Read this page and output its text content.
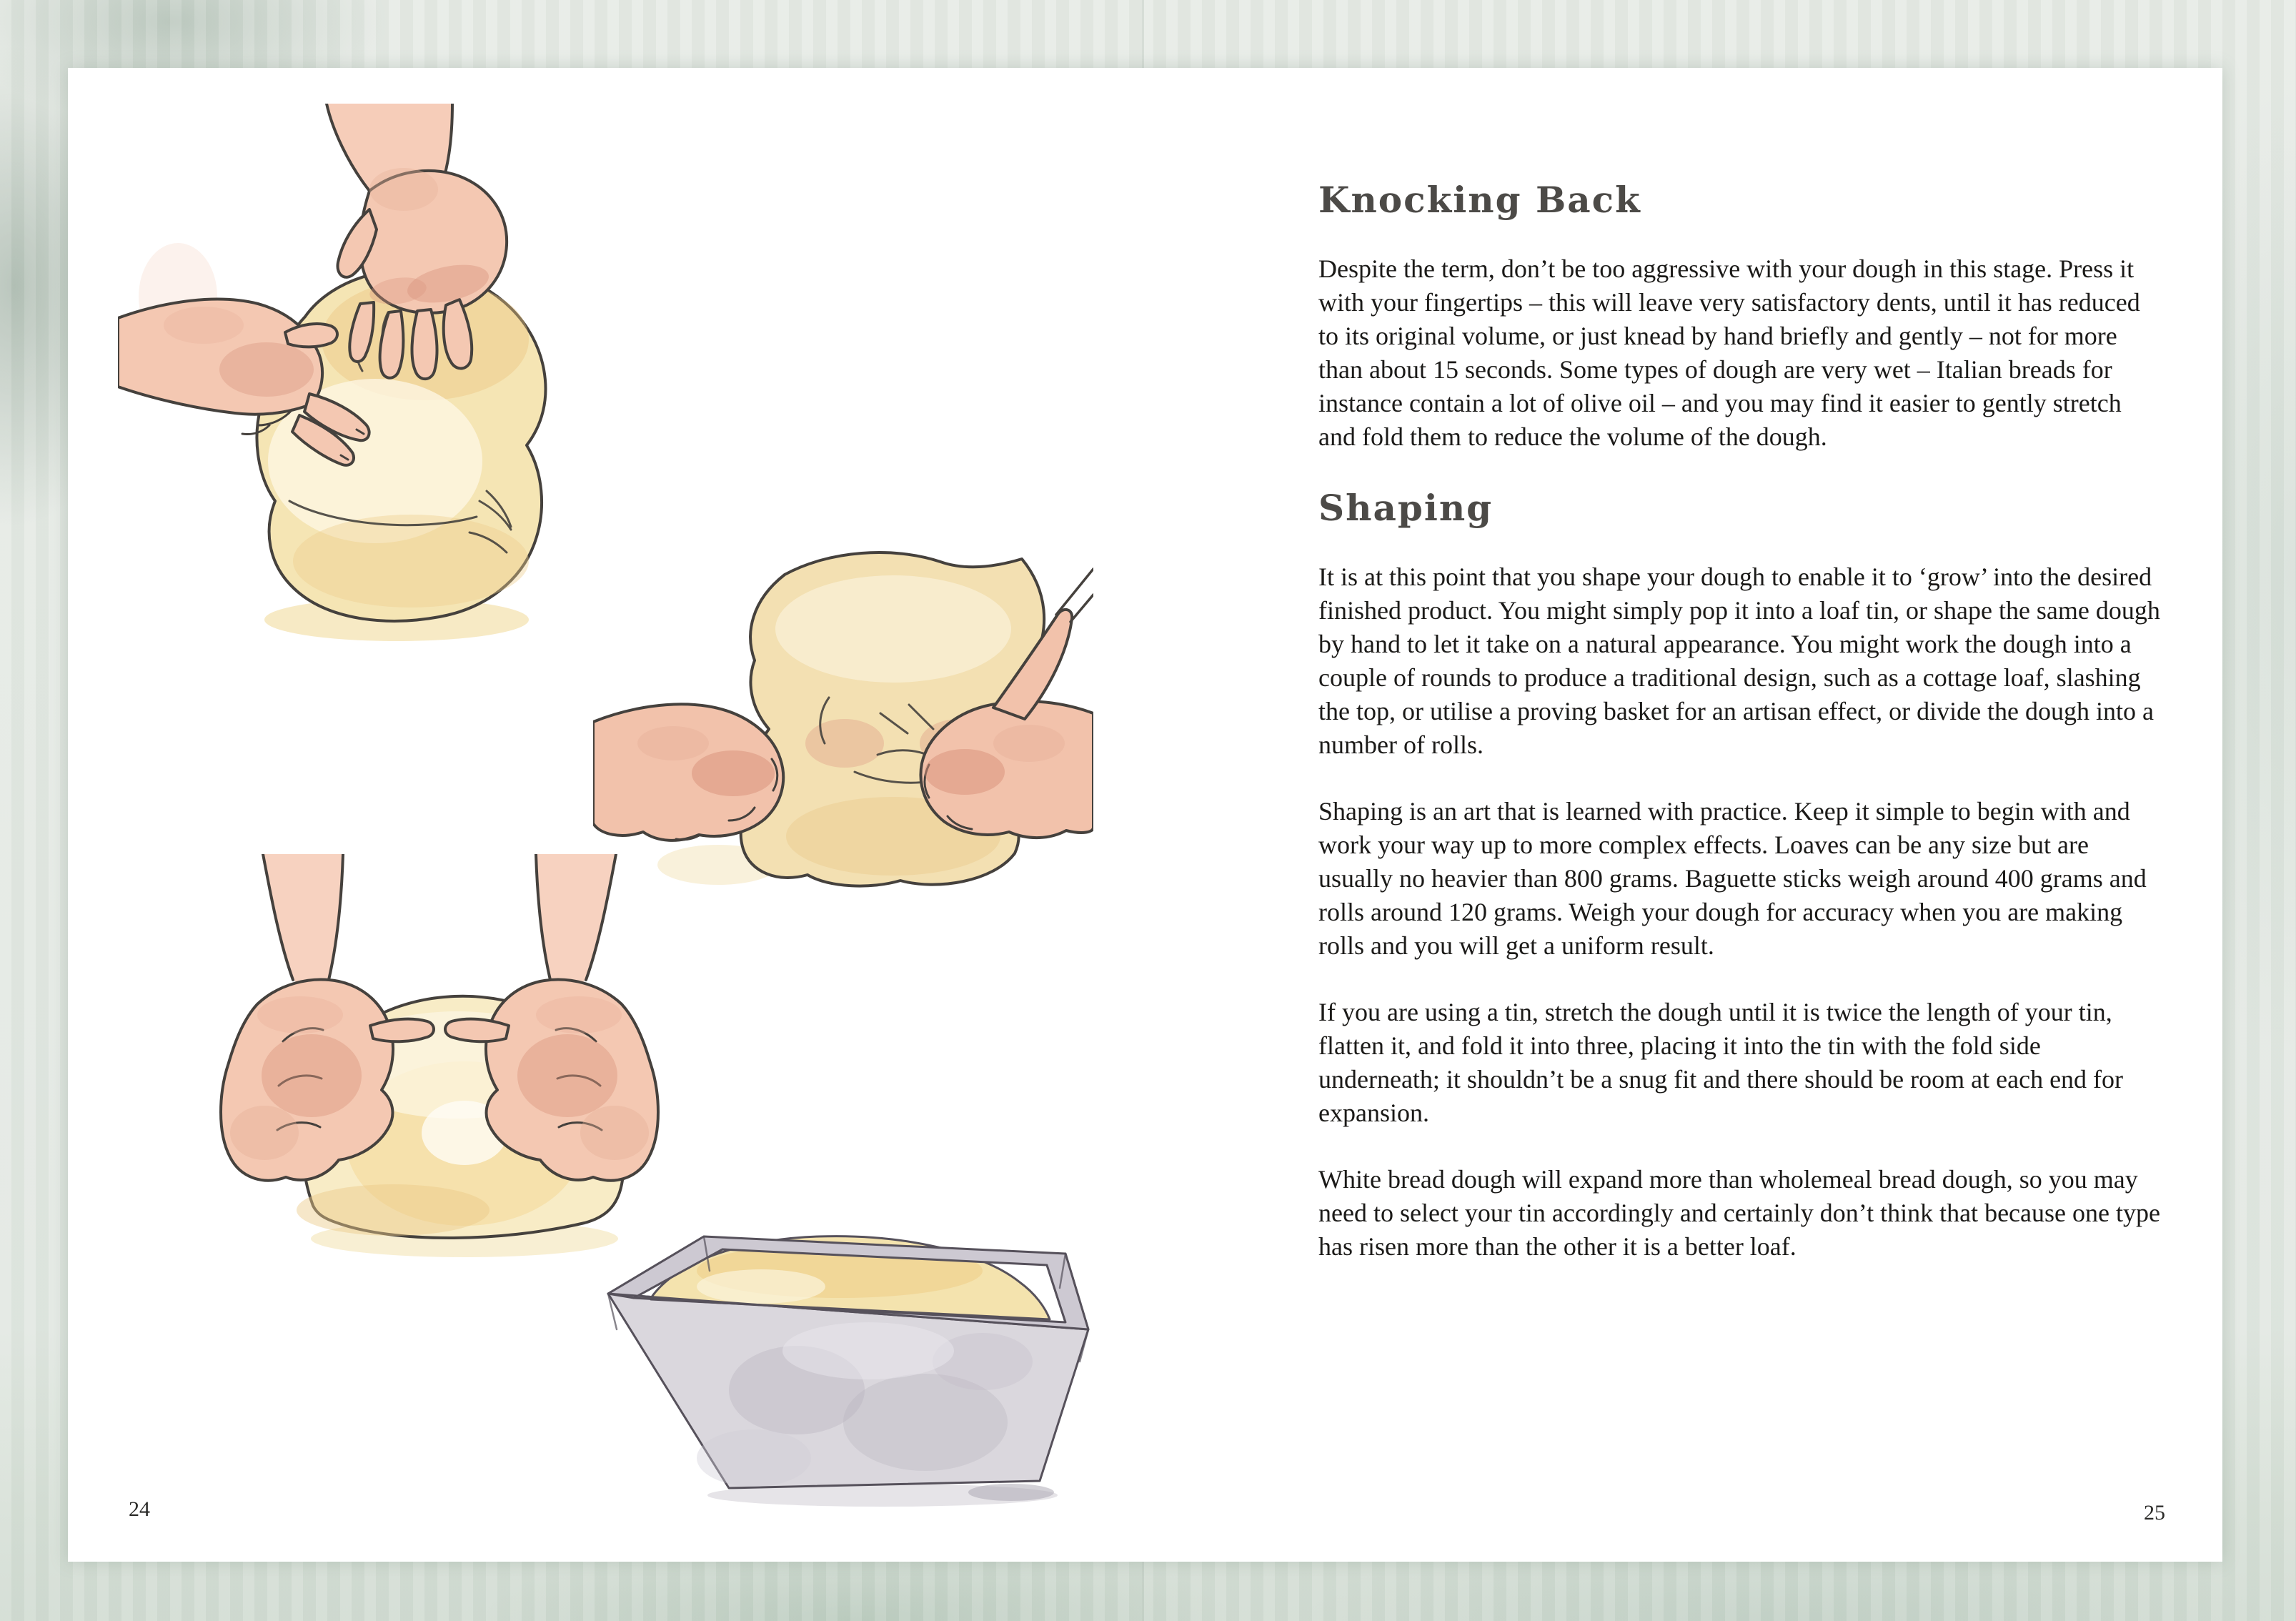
Knocking Back

Despite the term, don’t be too aggressive with your dough in this stage. Press it with your fingertips – this will leave very satisfactory dents, until it has reduced to its original volume, or just knead by hand briefly and gently – not for more than about 15 seconds. Some types of dough are very wet – Italian breads for instance contain a lot of olive oil – and you may find it easier to gently stretch and fold them to reduce the volume of the dough.

Shaping

It is at this point that you shape your dough to enable it to ‘grow’ into the desired finished product. You might simply pop it into a loaf tin, or shape the same dough by hand to let it take on a natural appearance. You might work the dough into a couple of rounds to produce a traditional design, such as a cottage loaf, slashing the top, or utilise a proving basket for an artisan effect, or divide the dough into a number of rolls.

Shaping is an art that is learned with practice. Keep it simple to begin with and work your way up to more complex effects. Loaves can be any size but are usually no heavier than 800 grams. Baguette sticks weigh around 400 grams and rolls around 120 grams. Weigh your dough for accuracy when you are making rolls and you will get a uniform result.

If you are using a tin, stretch the dough until it is twice the length of your tin, flatten it, and fold it into three, placing it into the tin with the fold side underneath; it shouldn’t be a snug fit and there should be room at each end for expansion.

White bread dough will expand more than wholemeal bread dough, so you may need to select your tin accordingly and certainly don’t think that because one type has risen more than the other it is a better loaf.

24	25
